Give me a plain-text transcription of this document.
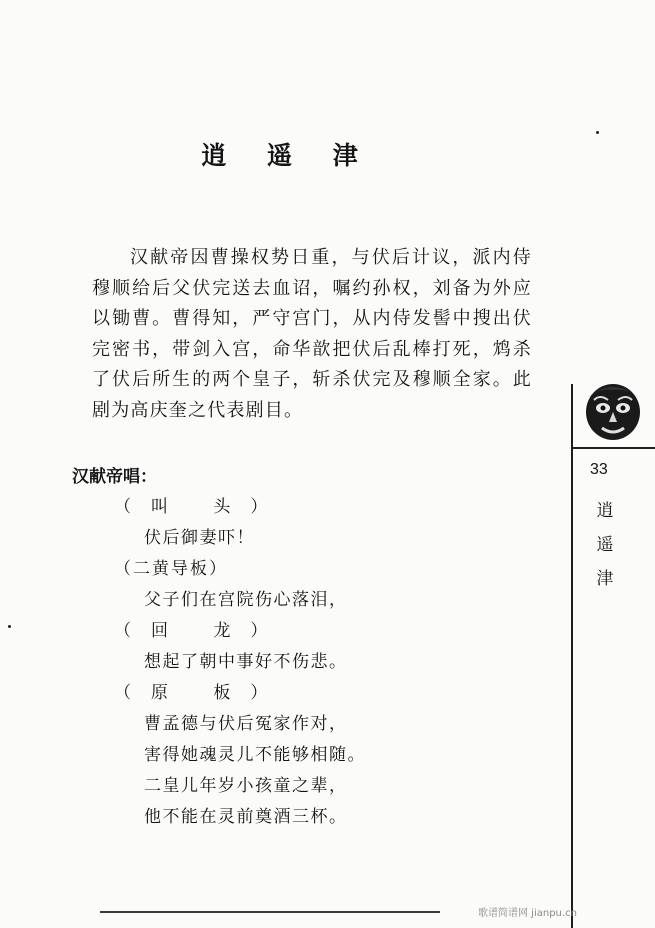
逍 遥 津
汉献帝因曹操权势日重，与伏后计议，派内侍穆顺给后父伏完送去血诏，嘱约孙权，刘备为外应以锄曹。曹得知，严守宫门，从内侍发髻中搜出伏完密书，带剑入宫，命华歆把伏后乱棒打死，鸩杀了伏后所生的两个皇子，斩杀伏完及穆顺全家。此剧为高庆奎之代表剧目。
汉献帝唱：
（叫 头）
伏后御妻吓！
（二黄导板）
父子们在宫院伤心落泪，
（回 龙）
想起了朝中事好不伤悲。
（原 板）
曹孟德与伏后冤家作对，
害得她魂灵儿不能够相随。
二皇儿年岁小孩童之辈，
他不能在灵前奠酒三杯。
33
逍
遥
津
歌谱简谱网 jianpu.cn
